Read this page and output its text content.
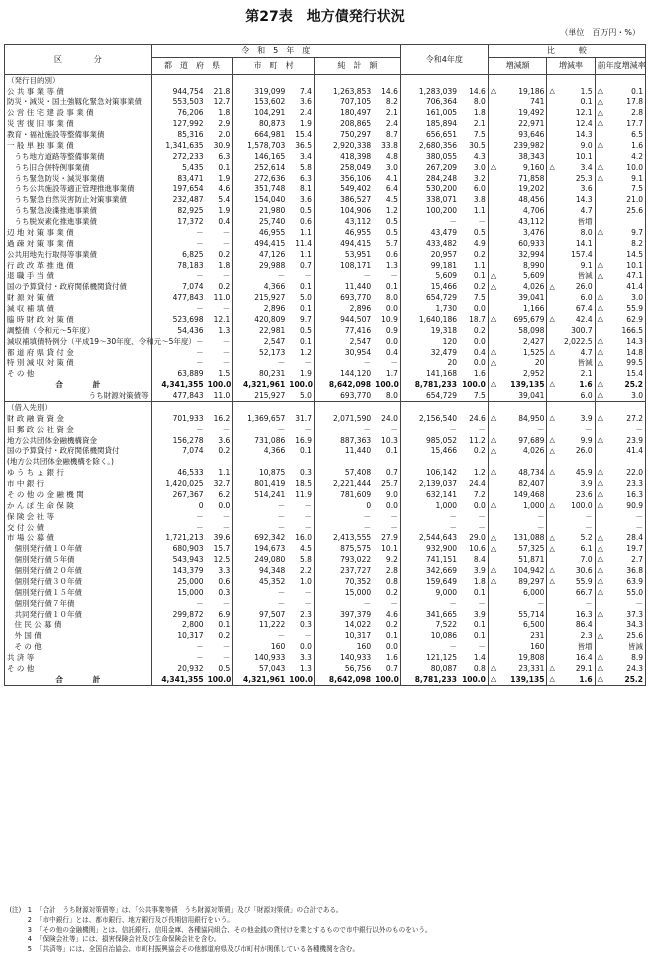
第27表　地方債発行状況
（単位　百万円・%）
区　　　　分	令　和　5　年　度						令和4年度		比　　　較					
	都　道　府　県		市　町　村		純　計　額				増減額		増減率		前年度増減率	
（発行目的別）														
公 共 事 業 等 債	944,754	21.8	319,099	7.4	1,263,853	14.6	1,283,039	14.6	△	19,186	△	1.5	△	0.1
防災・減災・国土強靱化緊急対策事業債	553,503	12.7	153,602	3.6	707,105	8.2	706,364	8.0		741		0.1	△	17.8
公 営 住 宅 建 設 事 業 債	76,206	1.8	104,291	2.4	180,497	2.1	161,005	1.8		19,492		12.1	△	2.8
災 害 復 旧 事 業 債	127,992	2.9	80,873	1.9	208,865	2.4	185,894	2.1		22,971		12.4	△	17.7
教育・福祉施設等整備事業債	85,316	2.0	664,981	15.4	750,297	8.7	656,651	7.5		93,646		14.3		6.5
一 般 単 独 事 業 債	1,341,635	30.9	1,578,703	36.5	2,920,338	33.8	2,680,356	30.5		239,982		9.0	△	1.6
　うち地方道路等整備事業債	272,233	6.3	146,165	3.4	418,398	4.8	380,055	4.3		38,343		10.1		4.2
　うち旧合併特例事業債	5,435	0.1	252,614	5.8	258,049	3.0	267,209	3.0	△	9,160	△	3.4	△	10.0
　うち緊急防災・減災事業債	83,471	1.9	272,636	6.3	356,106	4.1	284,248	3.2		71,858		25.3	△	9.1
　うち公共施設等適正管理推進事業債	197,654	4.6	351,748	8.1	549,402	6.4	530,200	6.0		19,202		3.6		7.5
　うち緊急自然災害防止対策事業債	232,487	5.4	154,040	3.6	386,527	4.5	338,071	3.8		48,456		14.3		21.0
　うち緊急浚渫推進事業債	82,925	1.9	21,980	0.5	104,906	1.2	100,200	1.1		4,706		4.7		25.6
　うち脱炭素化推進事業債	17,372	0.4	25,740	0.6	43,112	0.5	－	－		43,112		皆増		
辺 地 対 策 事 業 債	－	－	46,955	1.1	46,955	0.5	43,479	0.5		3,476		8.0	△	9.7
過 疎 対 策 事 業 債	－	－	494,415	11.4	494,415	5.7	433,482	4.9		60,933		14.1		8.2
公共用地先行取得等事業債	6,825	0.2	47,126	1.1	53,951	0.6	20,957	0.2		32,994		157.4		14.5
行 政 改 革 推 進 債	78,183	1.8	29,988	0.7	108,171	1.3	99,181	1.1		8,990		9.1	△	10.1
退 職 手 当 債	－	－	－	－	－	－	5,609	0.1	△	5,609		皆減	△	47.1
国の予算貸付・政府関係機関貸付債	7,074	0.2	4,366	0.1	11,440	0.1	15,466	0.2	△	4,026	△	26.0		41.4
財 源 対 策 債	477,843	11.0	215,927	5.0	693,770	8.0	654,729	7.5		39,041		6.0	△	3.0
減 収 補 填 債	－	－	2,896	0.1	2,896	0.0	1,730	0.0		1,166		67.4	△	55.9
臨 時 財 政 対 策 債	523,698	12.1	420,809	9.7	944,507	10.9	1,640,186	18.7	△	695,679	△	42.4	△	62.9
調整債（令和元～5年度）	54,436	1.3	22,981	0.5	77,416	0.9	19,318	0.2		58,098		300.7		166.5
減収補填債特例分（平成19～30年度、令和元～5年度）	－	－	2,547	0.1	2,547	0.0	120	0.0		2,427		2,022.5	△	14.3
都 道 府 県 貸 付 金	－	－	52,173	1.2	30,954	0.4	32,479	0.4	△	1,525	△	4.7	△	14.8
特 別 減 収 対 策 債	－	－	－	－	－	－	20	0.0	△	20		皆減	△	99.5
そ の 他	63,889	1.5	80,231	1.9	144,120	1.7	141,168	1.6		2,952		2.1		15.4
合　　　　計	4,341,355	100.0	4,321,961	100.0	8,642,098	100.0	8,781,233	100.0	△	139,135	△	1.6	△	25.2
うち財源対策債等	477,843	11.0	215,927	5.0	693,770	8.0	654,729	7.5		39,041		6.0	△	3.0
（借入先別）														
財 政 融 資 資 金	701,933	16.2	1,369,657	31.7	2,071,590	24.0	2,156,540	24.6	△	84,950	△	3.9	△	27.2
旧 郵 政 公 社 資 金	－	－	－	－	－	－	－	－		－		－		－
地方公共団体金融機構資金	156,278	3.6	731,086	16.9	887,363	10.3	985,052	11.2	△	97,689	△	9.9	△	23.9
国の予算貸付・政府関係機関貸付	7,074	0.2	4,366	0.1	11,440	0.1	15,466	0.2	△	4,026	△	26.0		41.4
(地方公共団体金融機構を除く。)														
ゆ う ち ょ 銀 行	46,533	1.1	10,875	0.3	57,408	0.7	106,142	1.2	△	48,734	△	45.9	△	22.0
市 中 銀 行	1,420,025	32.7	801,419	18.5	2,221,444	25.7	2,139,037	24.4		82,407		3.9	△	23.3
そ の 他 の 金 融 機 関	267,367	6.2	514,241	11.9	781,609	9.0	632,141	7.2		149,468		23.6	△	16.3
か ん ぽ 生 命 保 険	0	0.0	－	－	0	0.0	1,000	0.0	△	1,000	△	100.0	△	90.9
保 険 会 社 等	－	－	－	－	－	－	－	－		－		－		－
交 付 公 債	－	－	－	－	－	－	－	－		－		－		－
市 場 公 募 債	1,721,213	39.6	692,342	16.0	2,413,555	27.9	2,544,643	29.0	△	131,088	△	5.2	△	28.4
　個別発行債１０年債	680,903	15.7	194,673	4.5	875,575	10.1	932,900	10.6	△	57,325	△	6.1	△	19.7
　個別発行債５年債	543,943	12.5	249,080	5.8	793,022	9.2	741,151	8.4		51,871		7.0	△	2.7
　個別発行債２０年債	143,379	3.3	94,348	2.2	237,727	2.8	342,669	3.9	△	104,942	△	30.6	△	36.8
　個別発行債３０年債	25,000	0.6	45,352	1.0	70,352	0.8	159,649	1.8	△	89,297	△	55.9	△	63.9
　個別発行債１５年債	15,000	0.3	－	－	15,000	0.2	9,000	0.1		6,000		66.7	△	55.0
　個別発行債７年債	－	－	－	－	－	－	－	－		－		－		－
　共同発行債１０年債	299,872	6.9	97,507	2.3	397,379	4.6	341,665	3.9		55,714		16.3	△	37.3
　住 民 公 募 債	2,800	0.1	11,222	0.3	14,022	0.2	7,522	0.1		6,500		86.4		34.3
　外 国 債	10,317	0.2	－	－	10,317	0.1	10,086	0.1		231		2.3	△	25.6
　そ の 他	－	－	160	0.0	160	0.0	－	－		160		皆増		皆減
共 済 等	－	－	140,933	3.3	140,933	1.6	121,125	1.4		19,808		16.4	△	8.9
そ の 他	20,932	0.5	57,043	1.3	56,756	0.7	80,087	0.8	△	23,331	△	29.1	△	24.3
合　　　　計	4,341,355	100.0	4,321,961	100.0	8,642,098	100.0	8,781,233	100.0	△	139,135	△	1.6	△	25.2
(注)　1 「合計　うち財源対策債等」は、「公共事業等債　うち財源対策債」及び「財源対策債」の合計である。
2 「市中銀行」とは、都市銀行、地方銀行及び長期信用銀行をいう。
3 「その他の金融機関」とは、信託銀行、信用金庫、各種協同組合、その他金銭の貸付けを業とするもので市中銀行以外のものをいう。
4 「保険会社等」には、損害保険会社及び生命保険会社を含む。
5 「共済等」には、全国自治協会、市町村振興協会その他都道府県及び市町村が関係している各種機関を含む。
